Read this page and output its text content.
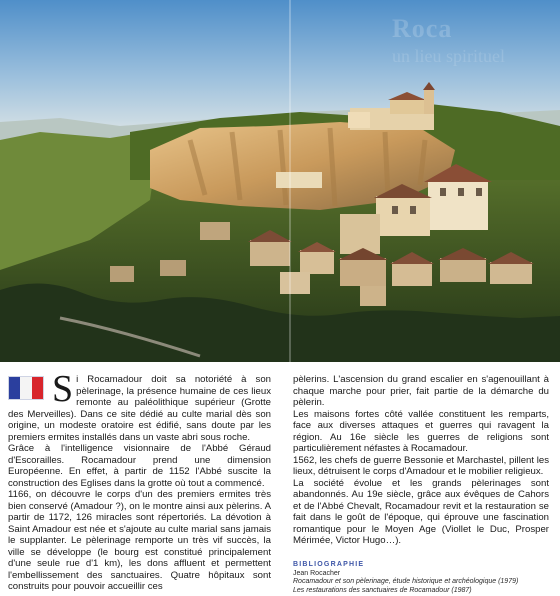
Roca
un lieu spirituel

S i Rocamadour doit sa notoriété à son pèlerinage, la présence humaine de ces lieux remonte au paléolithique supérieur (Grotte des Merveilles). Dans ce site dédié au culte marial dès son origine, un modeste oratoire est édifié, sans doute par les premiers ermites installés dans un vaste abri sous roche.

Grâce à l'intelligence visionnaire de l'Abbé Géraud d'Escorailles. Rocamadour prend une dimension Européenne. En effet, à partir de 1152 l'Abbé suscite la construction des Eglises dans la grotte où tout a commencé.

1166, on découvre le corps d'un des premiers ermites très bien conservé (Amadour ?), on le montre ainsi aux pèlerins. A partir de 1172, 126 miracles sont répertoriés. La dévotion à Saint Amadour est née et s'ajoute au culte marial sans jamais le supplanter. Le pèlerinage remporte un très vif succès, la ville se développe (le bourg est constitué principalement d'une seule rue d'1 km), les dons affluent et permettent l'embellissement des sanctuaires. Quatre hôpitaux sont construits pour pouvoir accueillir ces

pèlerins. L'ascension du grand escalier en s'agenouillant à chaque marche pour prier, fait partie de la démarche du pèlerin.

Les maisons fortes côté vallée constituent les remparts, face aux diverses attaques et guerres qui ravagent la région. Au 16e siècle les guerres de religions sont particulièrement néfastes à Rocamadour.

1562, les chefs de guerre Bessonie et Marchastel, pillent les lieux, détruisent le corps d'Amadour et le mobilier religieux.

La société évolue et les grands pèlerinages sont abandonnés. Au 19e siècle, grâce aux évêques de Cahors et de l'Abbé Chevalt, Rocamadour revit et la restauration se fait dans le goût de l'époque, qui éprouve une fascination romantique pour le Moyen Age (Viollet le Duc, Prosper Mérimée, Victor Hugo…).

BIBLIOGRAPHIE
Jean Rocacher
Rocamadour et son pèlerinage, étude historique et archéologique (1979)
Les restaurations des sanctuaires de Rocamadour (1987)
